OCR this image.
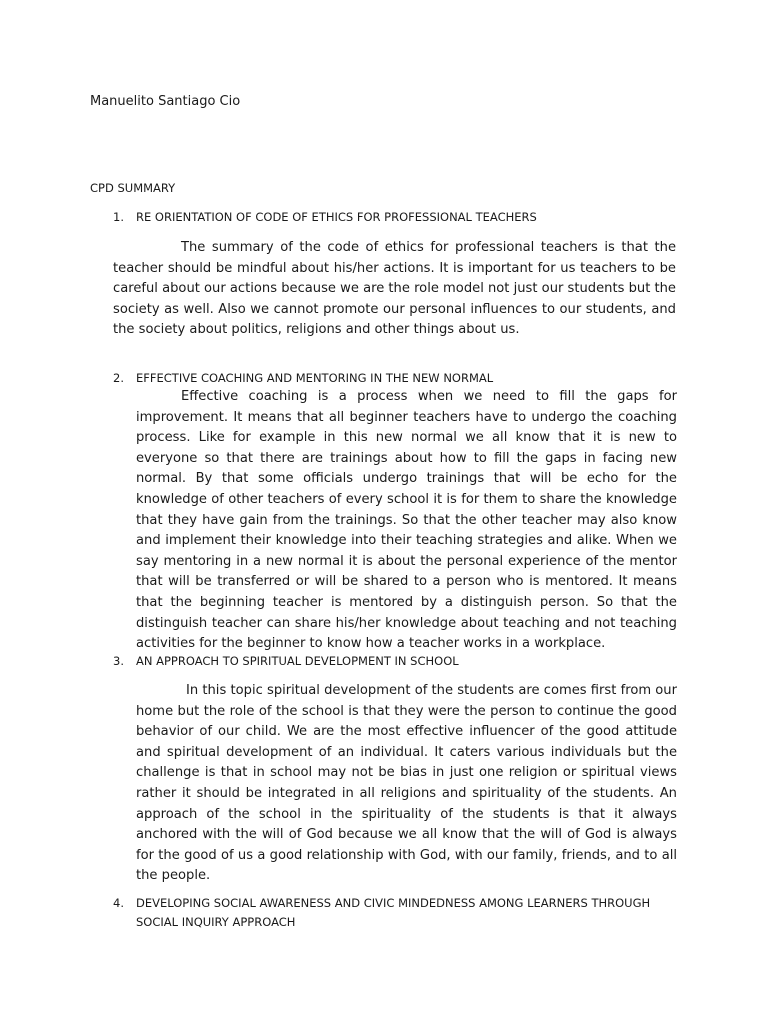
Manuelito Santiago Cio
CPD SUMMARY
1. RE ORIENTATION OF CODE OF ETHICS FOR PROFESSIONAL TEACHERS

The summary of the code of ethics for professional teachers is that the teacher should be mindful about his/her actions. It is important for us teachers to be careful about our actions because we are the role model not just our students but the society as well. Also we cannot promote our personal influences to our students, and the society about politics, religions and other things about us.

2. EFFECTIVE COACHING AND MENTORING IN THE NEW NORMAL

Effective coaching is a process when we need to fill the gaps for improvement. It means that all beginner teachers have to undergo the coaching process. Like for example in this new normal we all know that it is new to everyone so that there are trainings about how to fill the gaps in facing new normal. By that some officials undergo trainings that will be echo for the knowledge of other teachers of every school it is for them to share the knowledge that they have gain from the trainings. So that the other teacher may also know and implement their knowledge into their teaching strategies and alike. When we say mentoring in a new normal it is about the personal experience of the mentor that will be transferred or will be shared to a person who is mentored. It means that the beginning teacher is mentored by a distinguish person. So that the distinguish teacher can share his/her knowledge about teaching and not teaching activities for the beginner to know how a teacher works in a workplace.

3. AN APPROACH TO SPIRITUAL DEVELOPMENT IN SCHOOL

In this topic spiritual development of the students are comes first from our home but the role of the school is that they were the person to continue the good behavior of our child. We are the most effective influencer of the good attitude and spiritual development of an individual. It caters various individuals but the challenge is that in school may not be bias in just one religion or spiritual views rather it should be integrated in all religions and spirituality of the students. An approach of the school in the spirituality of the students is that it always anchored with the will of God because we all know that the will of God is always for the good of us a good relationship with God, with our family, friends, and to all the people.

4. DEVELOPING SOCIAL AWARENESS AND CIVIC MINDEDNESS AMONG LEARNERS THROUGH SOCIAL INQUIRY APPROACH
